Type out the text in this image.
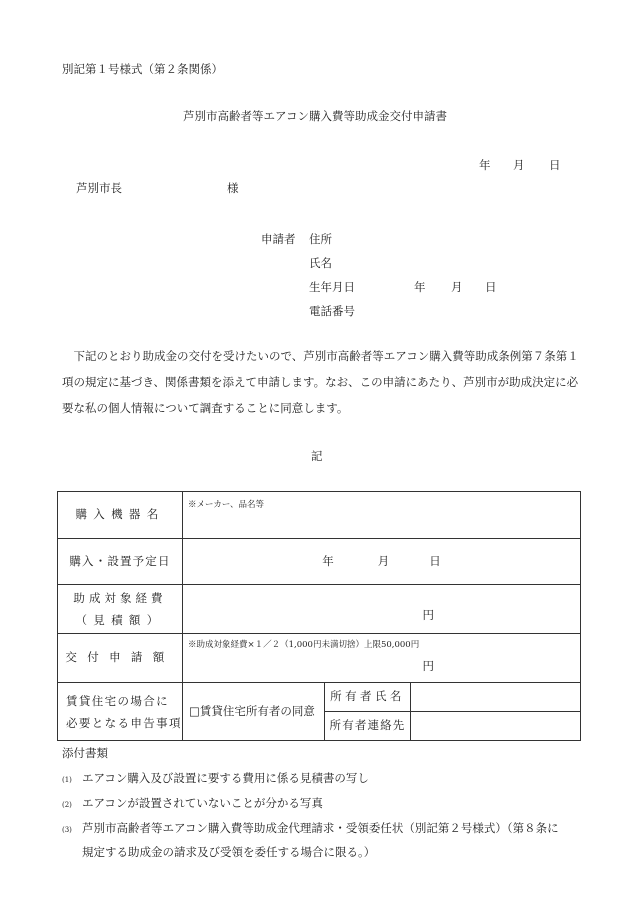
別記第１号様式（第２条関係）
芦別市高齢者等エアコン購入費等助成金交付申請書
年 月 日
芦別市長	様
申請者 住所
氏名
生年月日	年 月 日
電話番号
　下記のとおり助成金の交付を受けたいので、芦別市高齢者等エアコン購入費等助成条例第７条第１項の規定に基づき、関係書類を添えて申請します。なお、この申請にあたり、芦別市が助成決定に必要な私の個人情報について調査することに同意します。
記
購入機器名	※メーカー、品名等		

購入・設置予定日	年 月 日		

助成対象経費
（見積額）	円		

交付申請額	※助成対象経費×１／２（1,000円未満切捨）上限50,000円
円		

賃貸住宅の場合に
必要となる申告事項	□賃貸住宅所有者の同意	所有者氏名	
		所有者連絡先	
添付書類
(1) エアコン購入及び設置に要する費用に係る見積書の写し
(2) エアコンが設置されていないことが分かる写真
(3) 芦別市高齢者等エアコン購入費等助成金代理請求・受領委任状（別記第２号様式）（第８条に
規定する助成金の請求及び受領を委任する場合に限る。）
